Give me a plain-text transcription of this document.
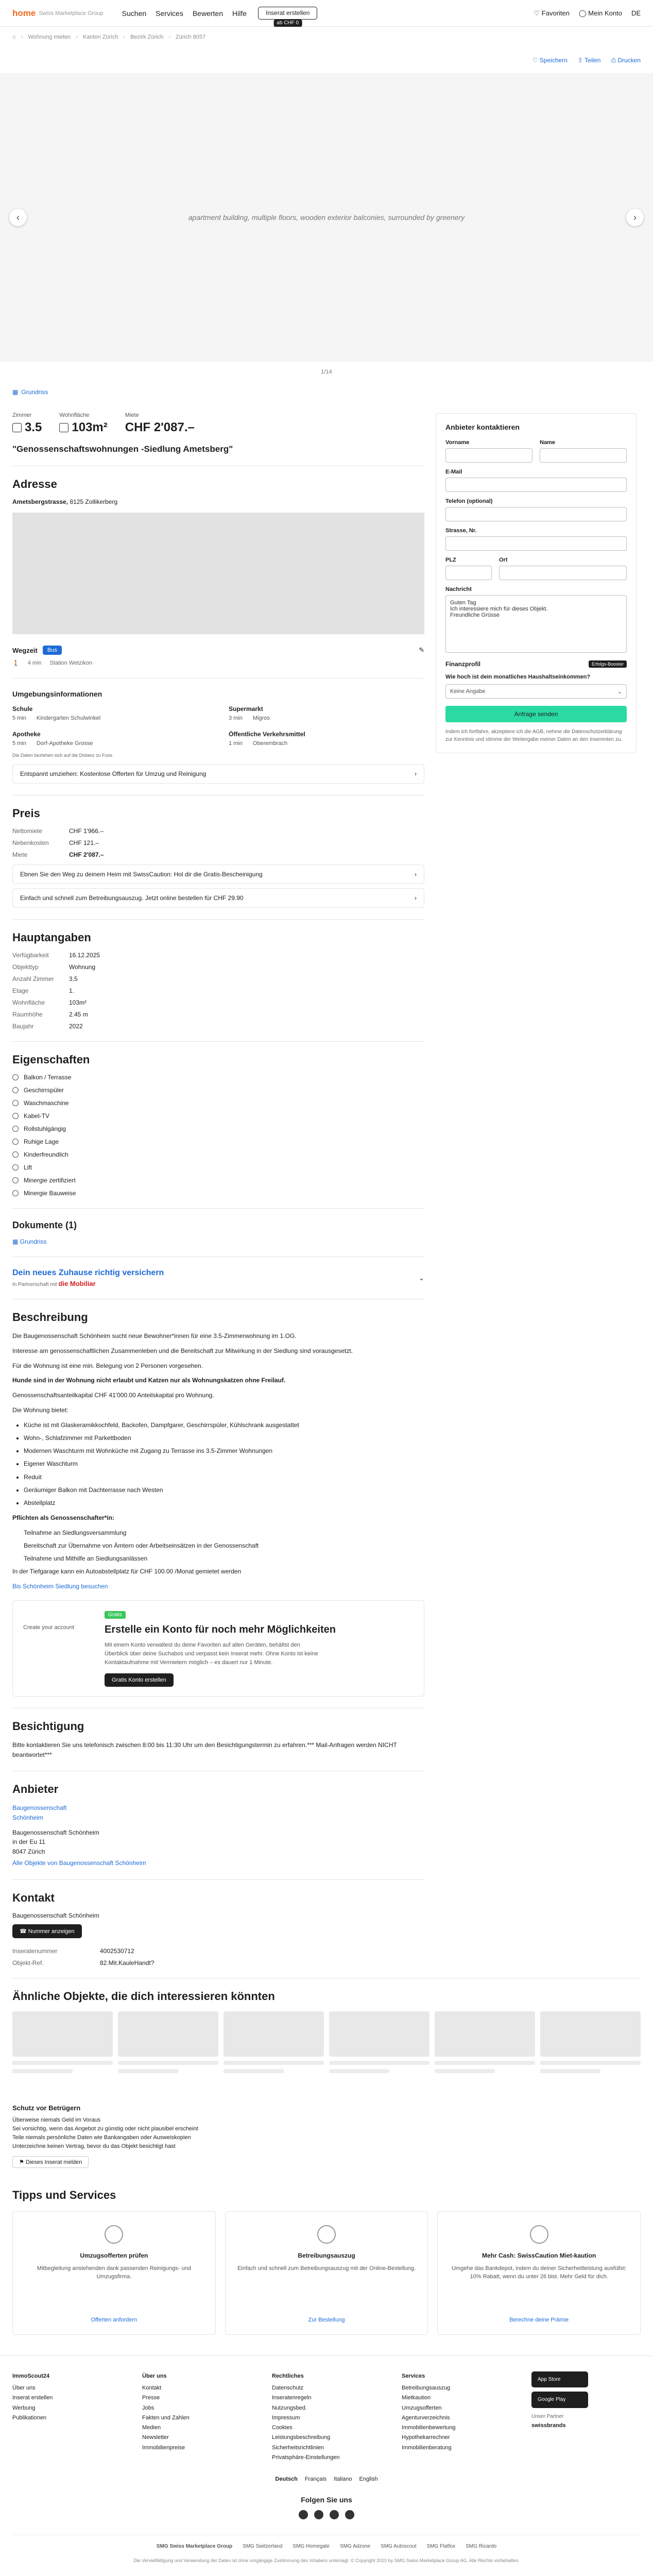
home Swiss Marketplace Group	Suchen Services Bewerten Hilfe	Inserat erstellen
ab CHF 0
♡ Favoriten ◯ Mein Konto DE
⌂ › Wohnung mieten › Kanton Zürich › Bezirk Zürich › Zürich 8057
♡ Speichern ⇪ Teilen ⎙ Drucken
apartment building, multiple floors, wooden exterior balconies, surrounded by greenery
‹	›
1/14
▦ Grundriss
Zimmer
3.5
Wohnfläche
103m²
Miete
CHF 2'087.–
"Genossenschaftswohnungen -Siedlung Ametsberg"
Adresse
Ametsbergstrasse, 8125 Zollikerberg
Wegzeit	Bus	✎
🚶 4 min Station Wetzikon
Umgebungsinformationen
Schule
5 min Kindergarten Schulwinkel
Supermarkt
3 min Migros
Apotheke
5 min Dorf-Apotheke Grosse
Öffentliche Verkehrsmittel
1 min Oberembrach
Die Daten beziehen sich auf die Distanz zu Fuss.
Entspannt umziehen: Kostenlose Offerten für Umzug und Reinigung	›
Preis
Nettomiete	CHF 1'966.–
Nebenkosten	CHF 121.–
Miete	CHF 2'087.–
Ebnen Sie den Weg zu deinem Heim mit SwissCaution: Hol dir die Gratis-Bescheinigung	›
Einfach und schnell zum Betreibungsauszug. Jetzt online bestellen für CHF 29.90	›
Hauptangaben
Verfügbarkeit	16.12.2025
Objekttyp	Wohnung
Anzahl Zimmer	3.5
Etage	1.
Wohnfläche	103m²
Raumhöhe	2.45 m
Baujahr	2022
Eigenschaften
Balkon / Terrasse
Geschirrspüler
Waschmaschine
Kabel-TV
Rollstuhlgängig
Ruhige Lage
Kinderfreundlich
Lift
Minergie zertifiziert
Minergie Bauweise
Dokumente (1)
▦ Grundriss
Dein neues Zuhause richtig versichern
In Partnerschaft mit die Mobiliar
⌄
Beschreibung

Die Baugenossenschaft Schönheim sucht neue Bewohner*innen für eine 3.5-Zimmerwohnung im 1.OG.

Interesse am genossenschaftlichen Zusammenleben und die Bereitschaft zur Mitwirkung in der Siedlung sind vorausgesetzt.

Für die Wohnung ist eine min. Belegung von 2 Personen vorgesehen.

Hunde sind in der Wohnung nicht erlaubt und Katzen nur als Wohnungskatzen ohne Freilauf.

Genossenschaftsanteilkapital CHF 41'000.00 Anteilskapital pro Wohnung.

Die Wohnung bietet:

• Küche ist mit Glaskeramikkochfeld, Backofen, Dampfgarer, Geschirrspüler, Kühlschrank ausgestattet
• Wohn-, Schlafzimmer mit Parkettboden
• Modernen Waschturm mit Wohnküche mit Zugang zu Terrasse ins 3.5-Zimmer Wohnungen
• Eigener Waschturm
• Reduit
• Geräumiger Balkon mit Dachterrasse nach Westen
• Abstellplatz

Pflichten als Genossenschafter*in:

Teilnahme an Siedlungsversammlung
Bereitschaft zur Übernahme von Ämtern oder Arbeitseinsätzen in der Genossenschaft
Teilnahme und Mithilfe an Siedlungsanlässen

In der Tiefgarage kann ein Autoabstellplatz für CHF 100.00 /Monat gemietet werden

Bis Schönheim Siedlung besuchen

Create your account
Gratis
Erstelle ein Konto für noch mehr Möglichkeiten
Mit einem Konto verwaltest du deine Favoriten auf allen Geräten, behältst den Überblick über deine Suchabos und verpasst kein Inserat mehr. Ohne Konto ist keine Kontaktaufnahme mit Vermietern möglich – es dauert nur 1 Minute.
Gratis Konto erstellen
Besichtigung
Bitte kontaktieren Sie uns telefonisch zwischen 8:00 bis 11:30 Uhr um den Besichtigungstermin zu erfahren.*** Mail-Anfragen werden NICHT beantwortet***
Anbieter
Baugenossenschaft
Schönheim
Baugenossenschaft Schönheim
in der Eu 11
8047 Zürich
Alle Objekte von Baugenossenschaft Schönheim
Kontakt
Baugenossenschaft Schönheim
☎ Nummer anzeigen
Inseratenummer	4002530712
Objekt-Ref.	82.Mit.KauleHandt?
Anbieter kontaktieren
Vorname	Name
E-Mail
Telefon (optional)
Strasse, Nr.
PLZ	Ort
Nachricht
Guten Tag Ich interessiere mich für dieses Objekt. Freundliche Grüsse
Finanzprofil	Erfolgs-Booster
Wie hoch ist dein monatliches Haushaltseinkommen?
Keine Angabe	⌄
Anfrage senden
Indem ich fortfahre, akzeptiere ich die AGB, nehme die Datenschutzerklärung zur Kenntnis und stimme der Weitergabe meiner Daten an den Inserenten zu.
Ähnliche Objekte, die dich interessieren könnten
Schutz vor Betrügern
Überweise niemals Geld im Voraus
Sei vorsichtig, wenn das Angebot zu günstig oder nicht plausibel erscheint
Teile niemals persönliche Daten wie Bankangaben oder Ausweiskopien
Unterzeichne keinen Vertrag, bevor du das Objekt besichtigt hast
⚑ Dieses Inserat melden
Tipps und Services
Umzugsofferten prüfen
Mitbegleitung anstehenden dank passenden Reinigungs- und Umzugsfirma.
Offerten anfordern
Betreibungsauszug
Einfach und schnell zum Betreibungsauszug mit der Online-Bestellung.
Zur Bestellung
Mehr Cash: SwissCaution Miet-kaution
Umgehe das Bankdepot, indem du deiner Sicherheitleistung ausfüllst: 10% Rabatt, wenn du unter 26 bist. Mehr Geld für dich.
Berechne deine Prämie
ImmoScout24
Über uns
Inserat erstellen
Werbung
Publikationen
Über uns
Kontakt
Presse
Jobs
Fakten und Zahlen
Medien
Newsletter
Immobilienpreise
Rechtliches
Datenschutz
Inseratenregeln
Nutzungsbed.
Impressum
Cookies
Leistungsbeschreibung
Sicherheitsrichtlinien
Privatsphäre-Einstellungen
Services
Betreibungsauszug
Mietkaution
Umzugsofferten
Agenturverzeichnis
Immobilienbewertung
Hypothekarrechner
Immobilienberatung
App Store
Google Play
Unser Partner
swissbrands
Deutsch Français Italiano English
Folgen Sie uns
SMG Swiss Marketplace Group SMG Switzerland SMG Homegate SMG Adzone SMG Autoscout SMG Flatfox SMG Ricardo
Die Vervielfältigung und Verwendung der Daten ist ohne vorgängige Zustimmung des Inhabers untersagt. © Copyright 2010 by SMG Swiss Marketplace Group AG. Alle Rechte vorbehalten.
